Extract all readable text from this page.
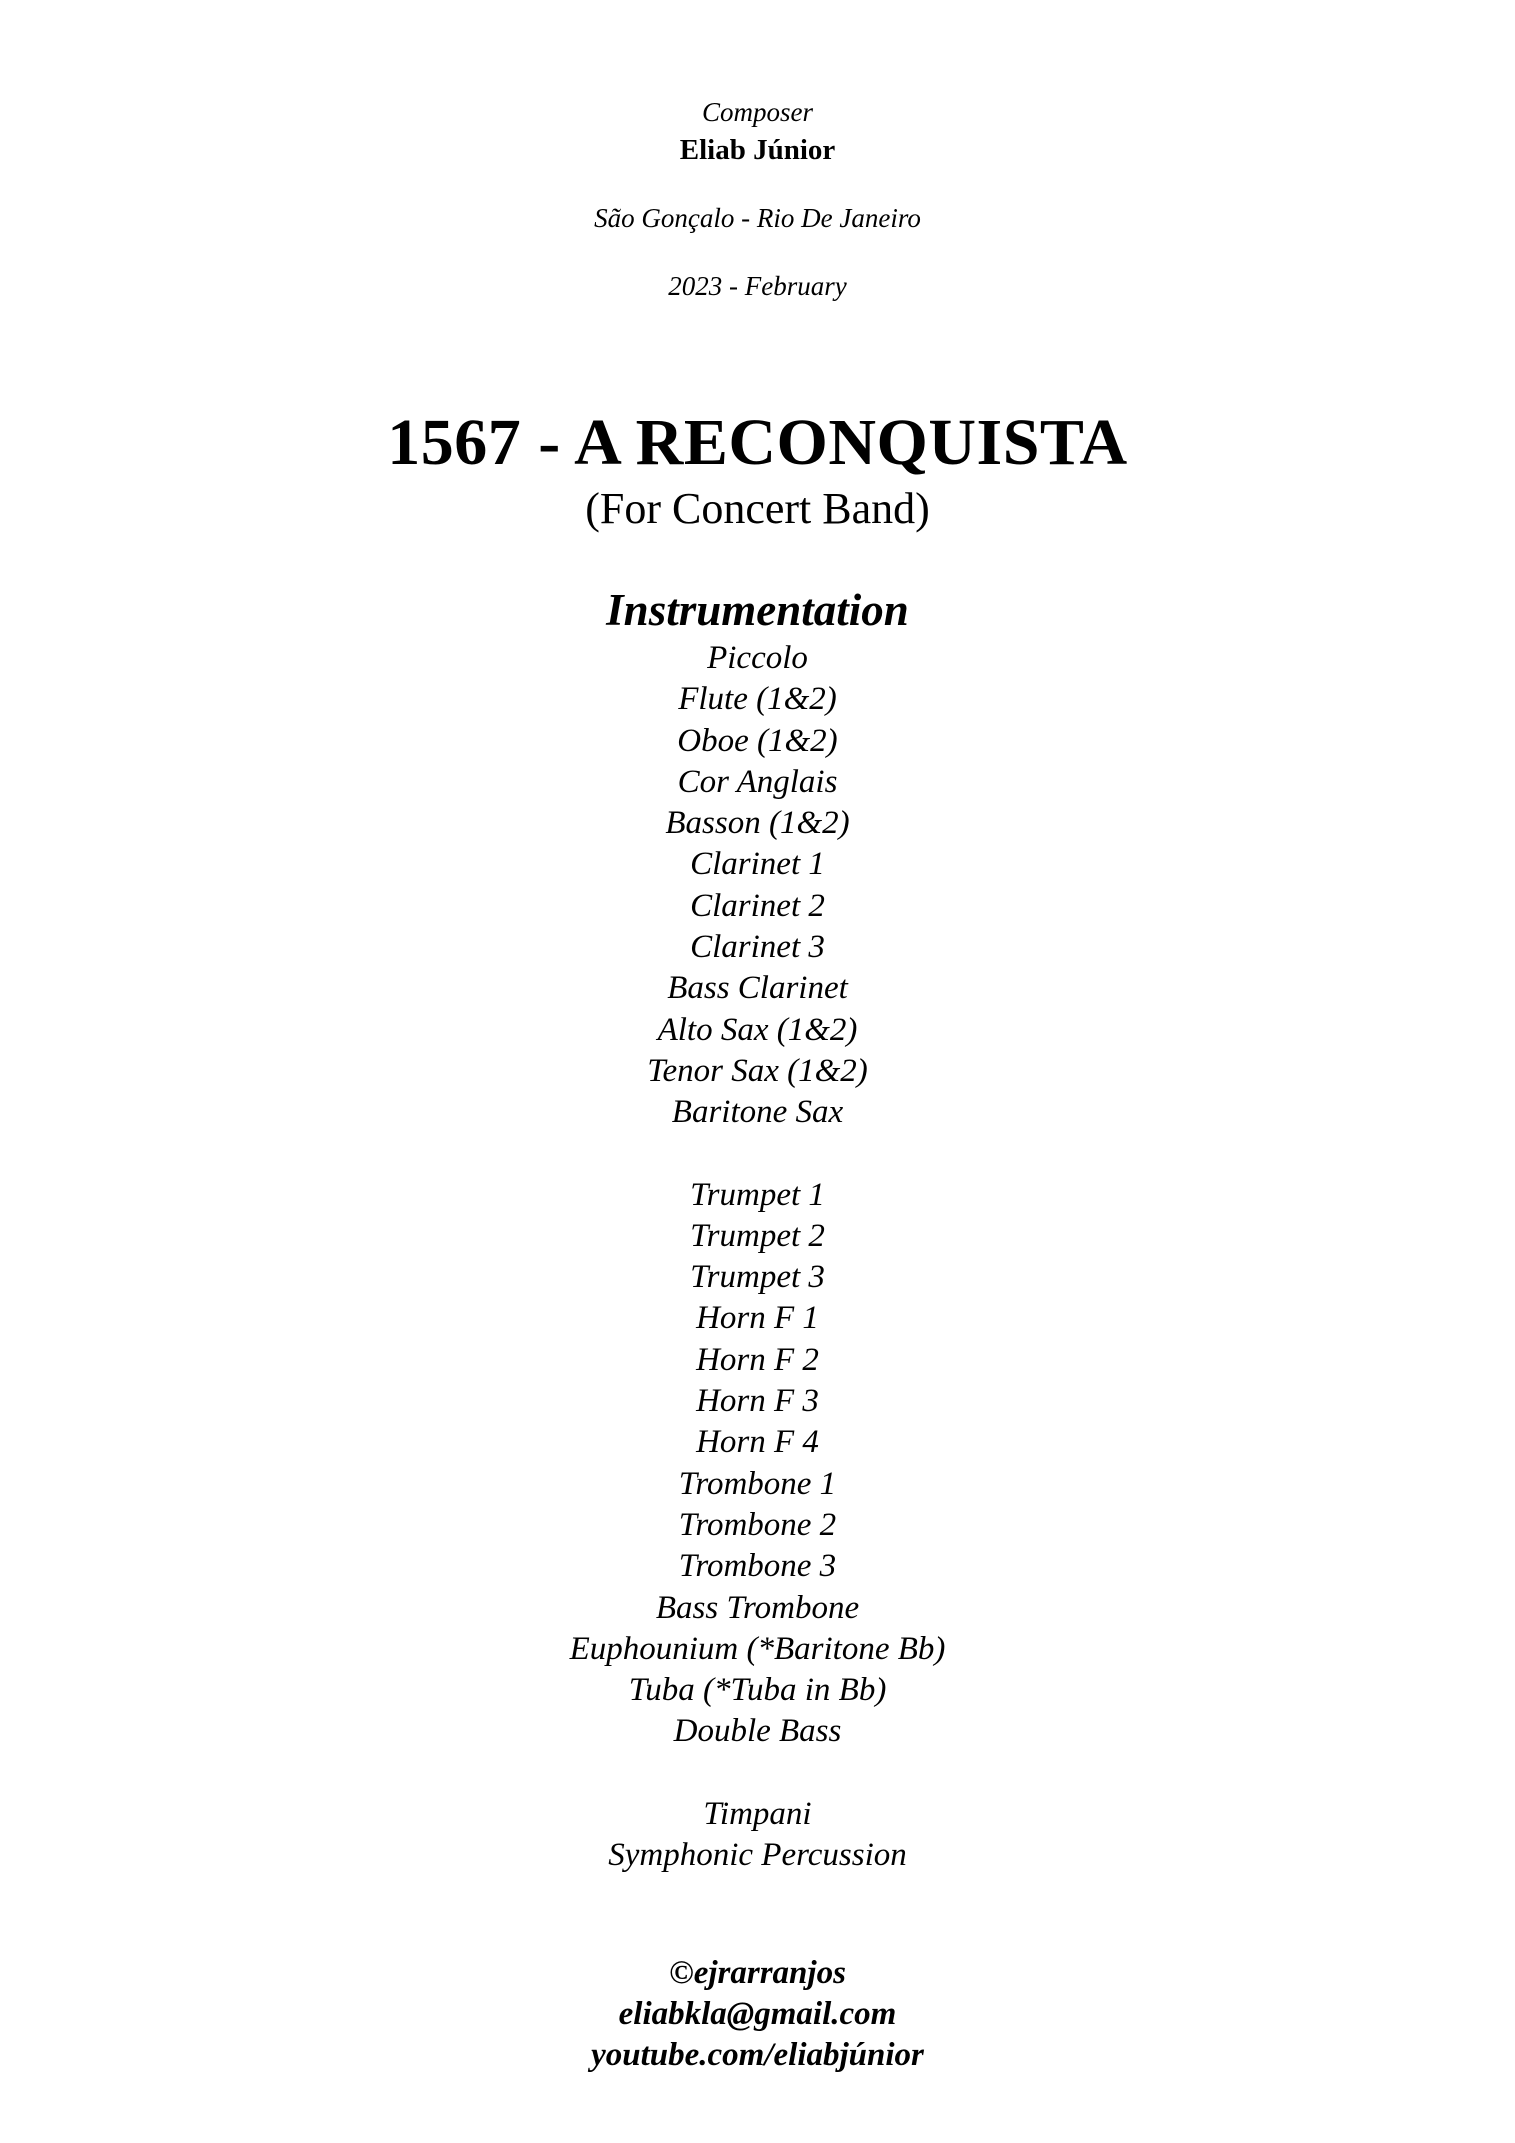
Composer
Eliab Júnior
São Gonçalo - Rio De Janeiro
2023 - February
1567 - A RECONQUISTA
(For Concert Band)
Instrumentation
Piccolo
Flute (1&2)
Oboe (1&2)
Cor Anglais
Basson (1&2)
Clarinet 1
Clarinet 2
Clarinet 3
Bass Clarinet
Alto Sax (1&2)
Tenor Sax (1&2)
Baritone Sax
Trumpet 1
Trumpet 2
Trumpet 3
Horn F 1
Horn F 2
Horn F 3
Horn F 4
Trombone 1
Trombone 2
Trombone 3
Bass Trombone
Euphounium (*Baritone Bb)
Tuba (*Tuba in Bb)
Double Bass
Timpani
Symphonic Percussion
©ejrarranjos
eliabkla@gmail.com
youtube.com/eliabjúnior
